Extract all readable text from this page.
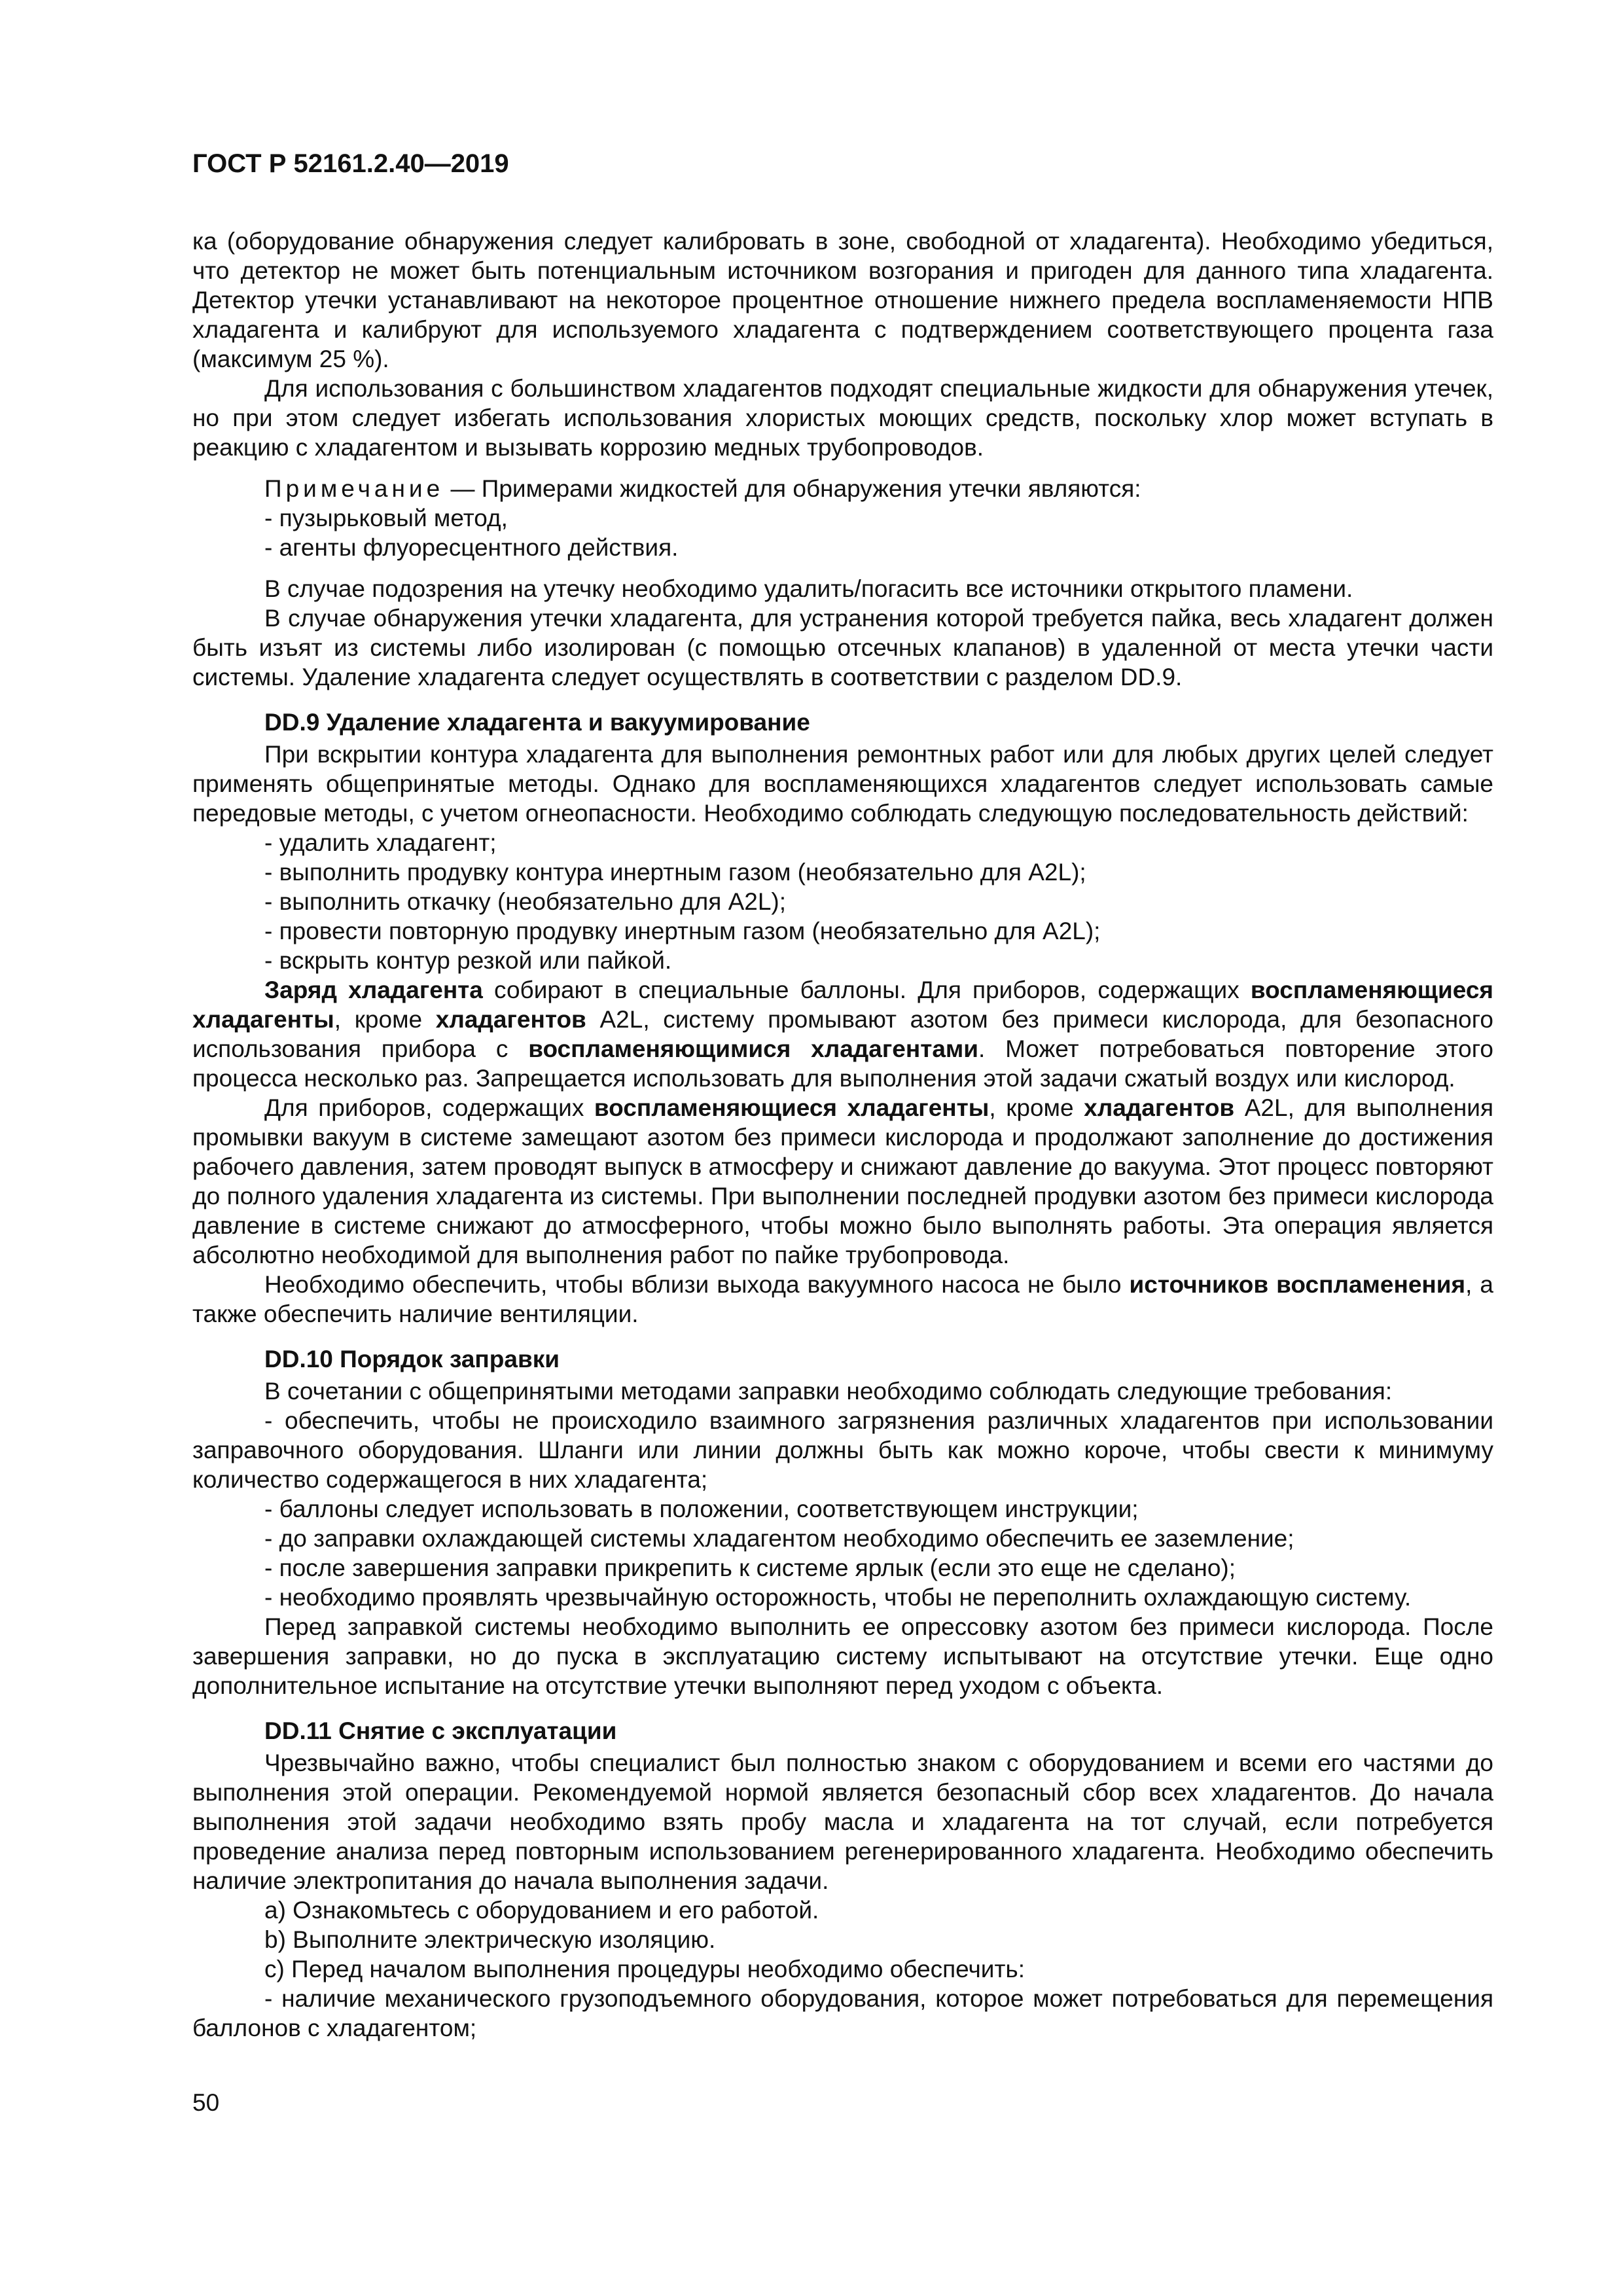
ГОСТ Р 52161.2.40—2019

ка (оборудование обнаружения следует калибровать в зоне, свободной от хладагента). Необходимо убедиться, что детектор не может быть потенциальным источником возгорания и пригоден для данного типа хладагента. Детектор утечки устанавливают на некоторое процентное отношение нижнего предела воспламеняемости НПВ хладагента и калибруют для используемого хладагента с подтверждением соответствующего процента газа (максимум 25 %).

Для использования с большинством хладагентов подходят специальные жидкости для обнаружения утечек, но при этом следует избегать использования хлористых моющих средств, поскольку хлор может вступать в реакцию с хладагентом и вызывать коррозию медных трубопроводов.

Примечание — Примерами жидкостей для обнаружения утечки являются:

- пузырьковый метод,

- агенты флуоресцентного действия.

В случае подозрения на утечку необходимо удалить/погасить все источники открытого пламени.

В случае обнаружения утечки хладагента, для устранения которой требуется пайка, весь хладагент должен быть изъят из системы либо изолирован (с помощью отсечных клапанов) в удаленной от места утечки части системы. Удаление хладагента следует осуществлять в соответствии с разделом DD.9.

DD.9 Удаление хладагента и вакуумирование

При вскрытии контура хладагента для выполнения ремонтных работ или для любых других целей следует применять общепринятые методы. Однако для воспламеняющихся хладагентов следует использовать самые передовые методы, с учетом огнеопасности. Необходимо соблюдать следующую последовательность действий:

- удалить хладагент;

- выполнить продувку контура инертным газом (необязательно для A2L);

- выполнить откачку (необязательно для A2L);

- провести повторную продувку инертным газом (необязательно для A2L);

- вскрыть контур резкой или пайкой.

Заряд хладагента собирают в специальные баллоны. Для приборов, содержащих воспламеняющиеся хладагенты, кроме хладагентов A2L, систему промывают азотом без примеси кислорода, для безопасного использования прибора с воспламеняющимися хладагентами. Может потребоваться повторение этого процесса несколько раз. Запрещается использовать для выполнения этой задачи сжатый воздух или кислород.

Для приборов, содержащих воспламеняющиеся хладагенты, кроме хладагентов A2L, для выполнения промывки вакуум в системе замещают азотом без примеси кислорода и продолжают заполнение до достижения рабочего давления, затем проводят выпуск в атмосферу и снижают давление до вакуума. Этот процесс повторяют до полного удаления хладагента из системы. При выполнении последней продувки азотом без примеси кислорода давление в системе снижают до атмосферного, чтобы можно было выполнять работы. Эта операция является абсолютно необходимой для выполнения работ по пайке трубопровода.

Необходимо обеспечить, чтобы вблизи выхода вакуумного насоса не было источников воспламенения, а также обеспечить наличие вентиляции.

DD.10 Порядок заправки

В сочетании с общепринятыми методами заправки необходимо соблюдать следующие требования:

- обеспечить, чтобы не происходило взаимного загрязнения различных хладагентов при использовании заправочного оборудования. Шланги или линии должны быть как можно короче, чтобы свести к минимуму количество содержащегося в них хладагента;

- баллоны следует использовать в положении, соответствующем инструкции;

- до заправки охлаждающей системы хладагентом необходимо обеспечить ее заземление;

- после завершения заправки прикрепить к системе ярлык (если это еще не сделано);

- необходимо проявлять чрезвычайную осторожность, чтобы не переполнить охлаждающую систему.

Перед заправкой системы необходимо выполнить ее опрессовку азотом без примеси кислорода. После завершения заправки, но до пуска в эксплуатацию систему испытывают на отсутствие утечки. Еще одно дополнительное испытание на отсутствие утечки выполняют перед уходом с объекта.

DD.11 Снятие с эксплуатации

Чрезвычайно важно, чтобы специалист был полностью знаком с оборудованием и всеми его частями до выполнения этой операции. Рекомендуемой нормой является безопасный сбор всех хладагентов. До начала выполнения этой задачи необходимо взять пробу масла и хладагента на тот случай, если потребуется проведение анализа перед повторным использованием регенерированного хладагента. Необходимо обеспечить наличие электропитания до начала выполнения задачи.

a) Ознакомьтесь с оборудованием и его работой.

b) Выполните электрическую изоляцию.

c) Перед началом выполнения процедуры необходимо обеспечить:

- наличие механического грузоподъемного оборудования, которое может потребоваться для перемещения баллонов с хладагентом;

50
